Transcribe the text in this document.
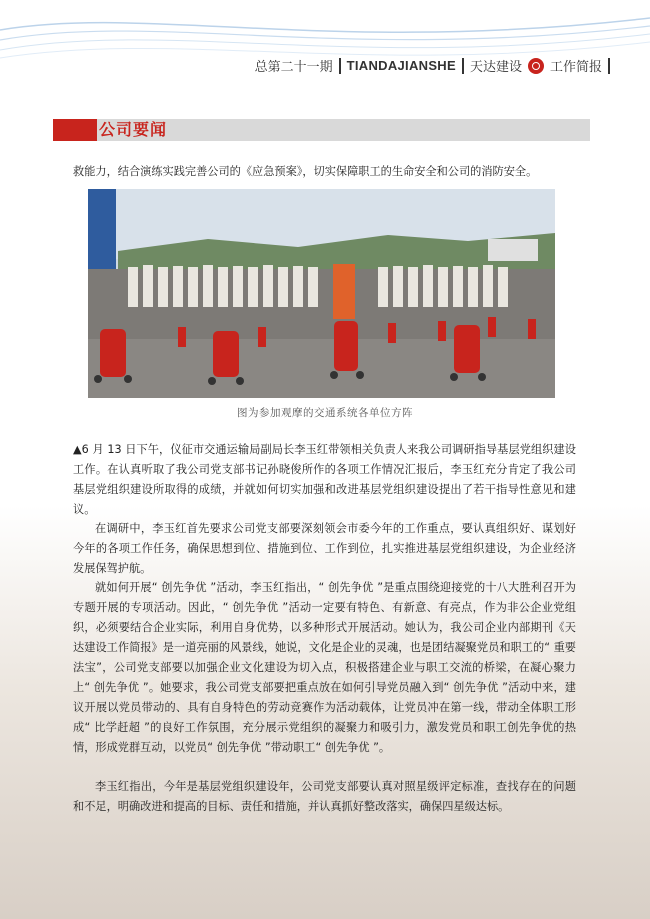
总第二十一期 TIANDAJIANSHE 天达建设 工作简报
公司要闻

救能力，结合演练实践完善公司的《应急预案》，切实保障职工的生命安全和公司的消防安全。

图为参加观摩的交通系统各单位方阵

▲6 月 13 日下午，仪征市交通运输局副局长李玉红带领相关负责人来我公司调研指导基层党组织建设工作。在认真听取了我公司党支部书记孙晓俊所作的各项工作情况汇报后，李玉红充分肯定了我公司基层党组织建设所取得的成绩，并就如何切实加强和改进基层党组织建设提出了若干指导性意见和建议。

在调研中，李玉红首先要求公司党支部要深刻领会市委今年的工作重点，要认真组织好、谋划好今年的各项工作任务，确保思想到位、措施到位、工作到位，扎实推进基层党组织建设，为企业经济发展保驾护航。

就如何开展“ 创先争优 ”活动，李玉红指出，“ 创先争优 ”是重点围绕迎接党的十八大胜利召开为专题开展的专项活动。因此，“ 创先争优 ”活动一定要有特色、有新意、有亮点，作为非公企业党组织，必须要结合企业实际，利用自身优势，以多种形式开展活动。她认为，我公司企业内部期刊《天达建设工作简报》是一道亮丽的风景线，她说，文化是企业的灵魂，也是团结凝聚党员和职工的“ 重要法宝”，公司党支部要以加强企业文化建设为切入点，积极搭建企业与职工交流的桥梁，在凝心聚力上“ 创先争优 ”。她要求，我公司党支部要把重点放在如何引导党员融入到“ 创先争优 ”活动中来，建议开展以党员带动的、具有自身特色的劳动竞赛作为活动载体，让党员冲在第一线，带动全体职工形成“ 比学赶超 ”的良好工作氛围，充分展示党组织的凝聚力和吸引力，激发党员和职工创先争优的热情，形成党群互动，以党员“ 创先争优 ”带动职工“ 创先争优 ”。

李玉红指出，今年是基层党组织建设年，公司党支部要认真对照星级评定标准，查找存在的问题和不足，明确改进和提高的目标、责任和措施，并认真抓好整改落实，确保四星级达标。
